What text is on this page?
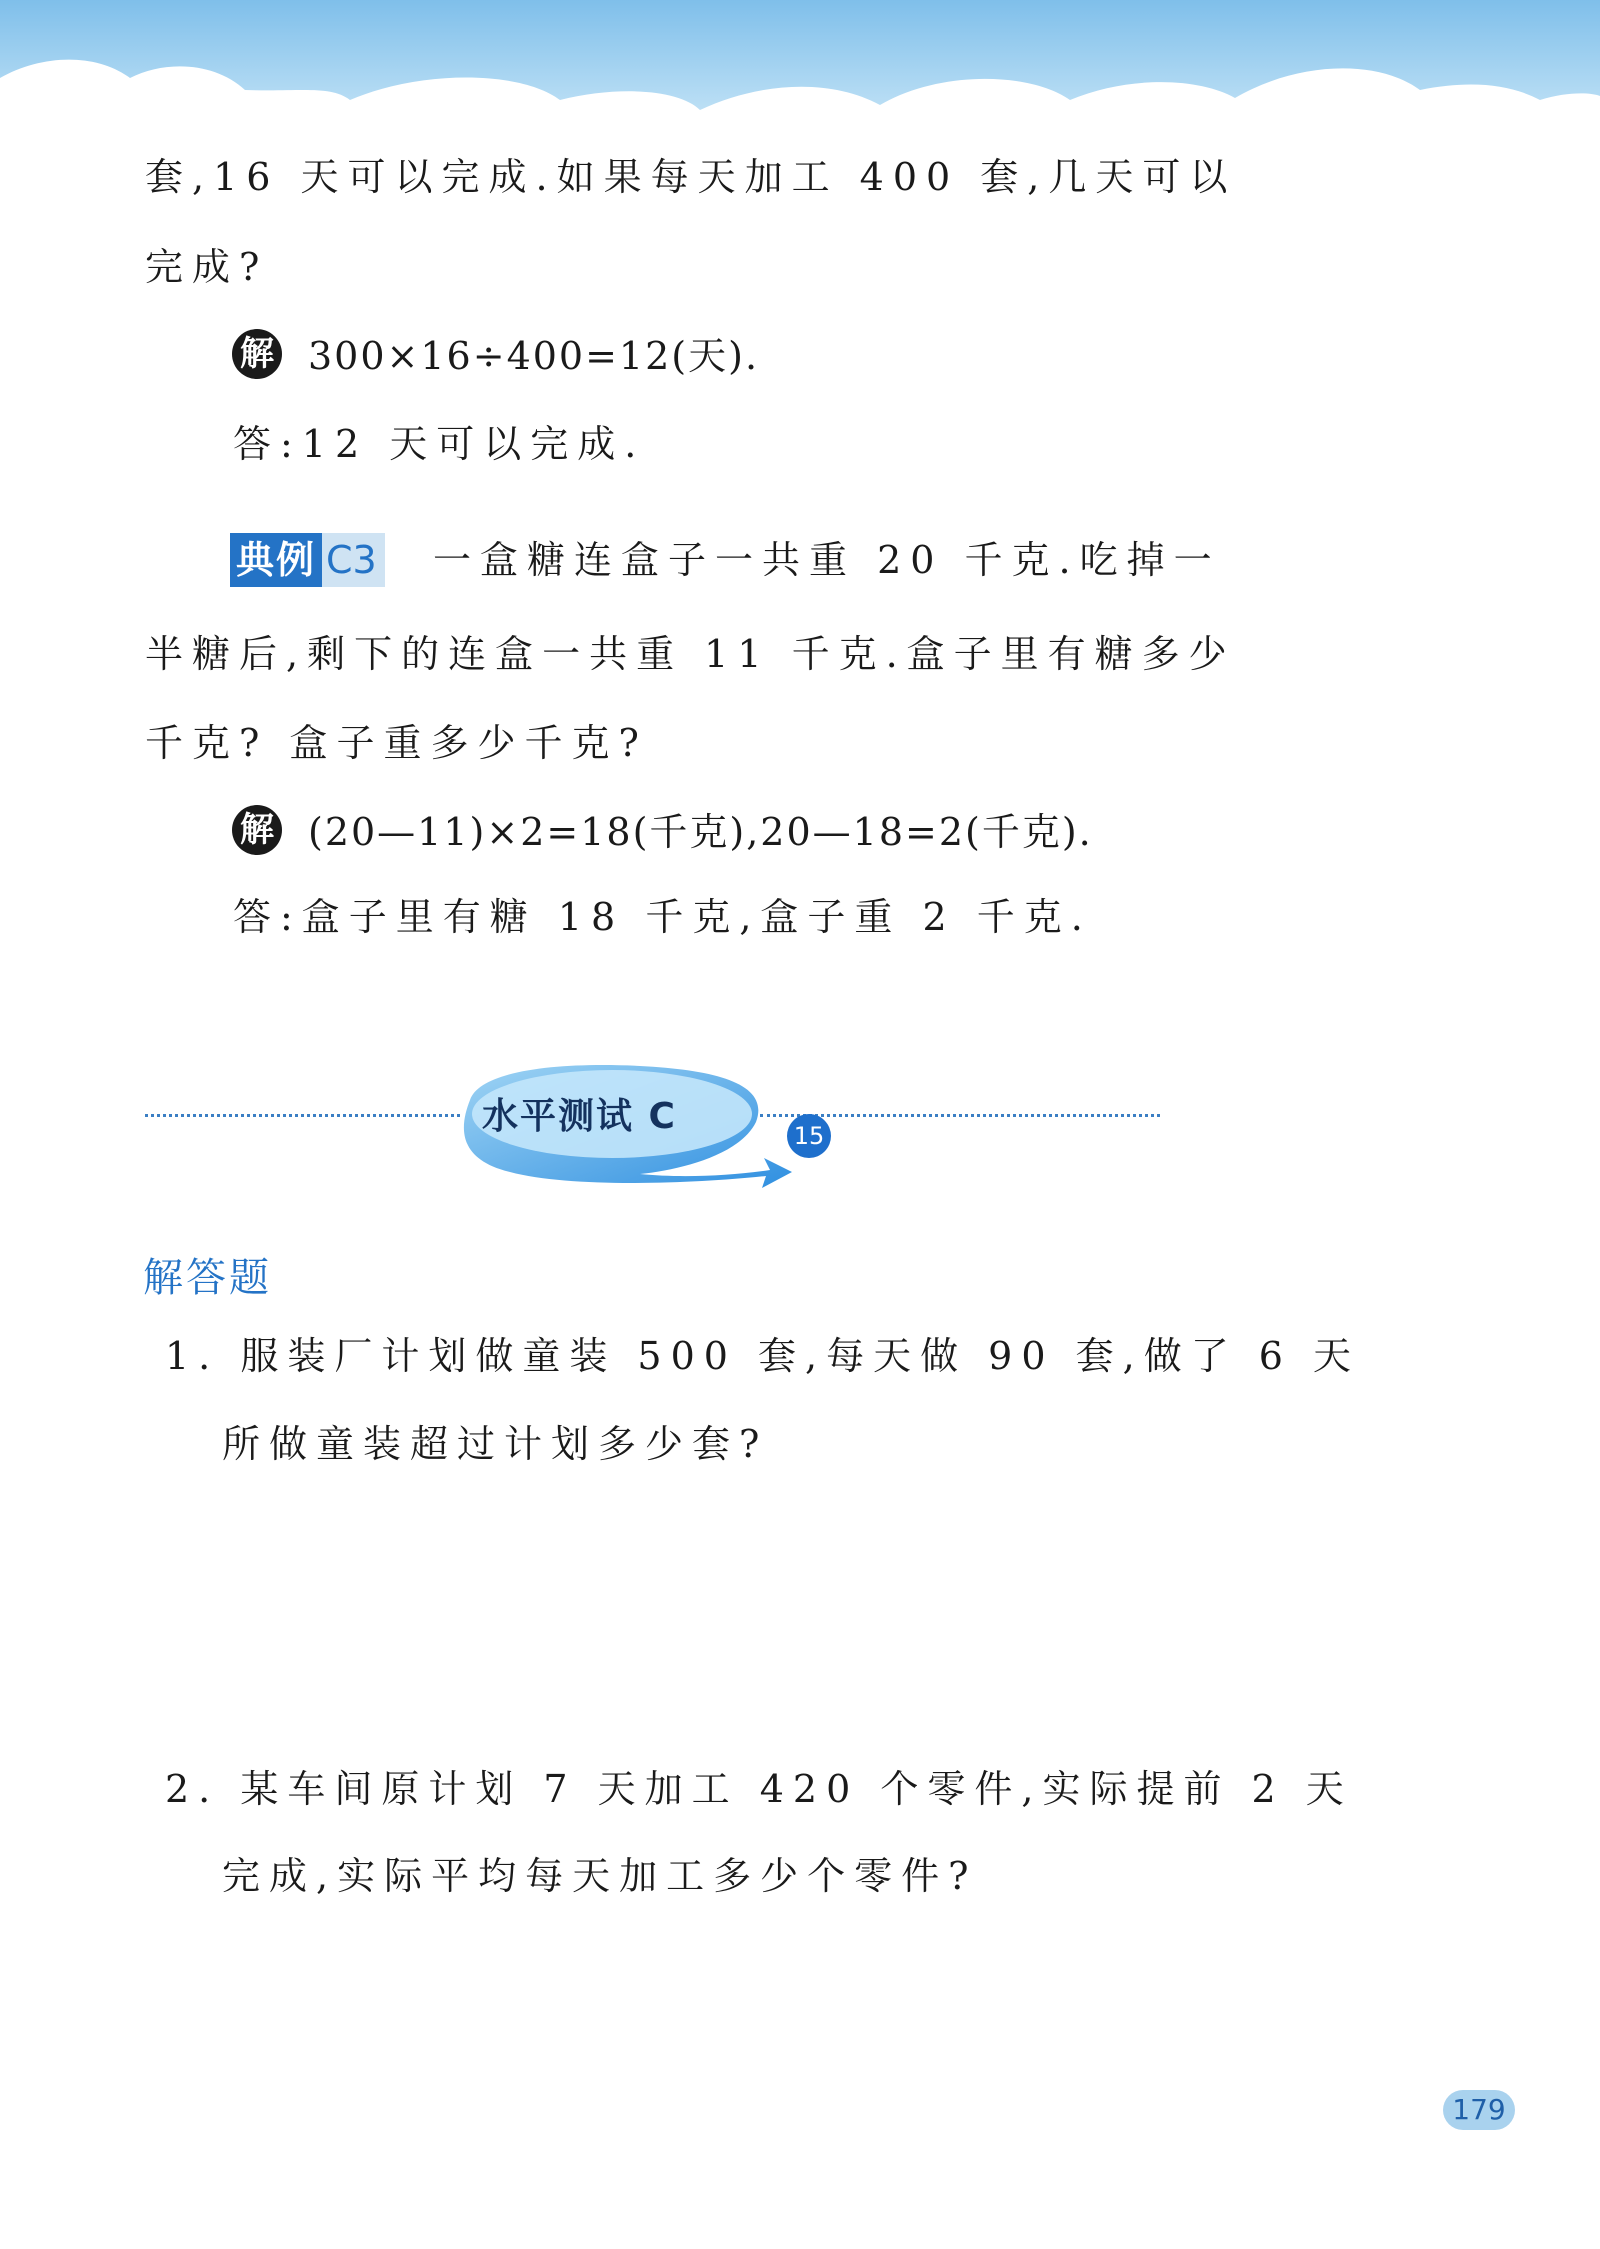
套,16 天可以完成.如果每天加工 400 套,几天可以
完成?
解 300×16÷400=12(天).
答:12 天可以完成.
典例 C3 一盒糖连盒子一共重 20 千克.吃掉一
半糖后,剩下的连盒一共重 11 千克.盒子里有糖多少
千克? 盒子重多少千克?
解 (20—11)×2=18(千克),20—18=2(千克).
答:盒子里有糖 18 千克,盒子重 2 千克.
水平测试 C	15
解答题
1. 服装厂计划做童装 500 套,每天做 90 套,做了 6 天
所做童装超过计划多少套?
2. 某车间原计划 7 天加工 420 个零件,实际提前 2 天
完成,实际平均每天加工多少个零件?
179
